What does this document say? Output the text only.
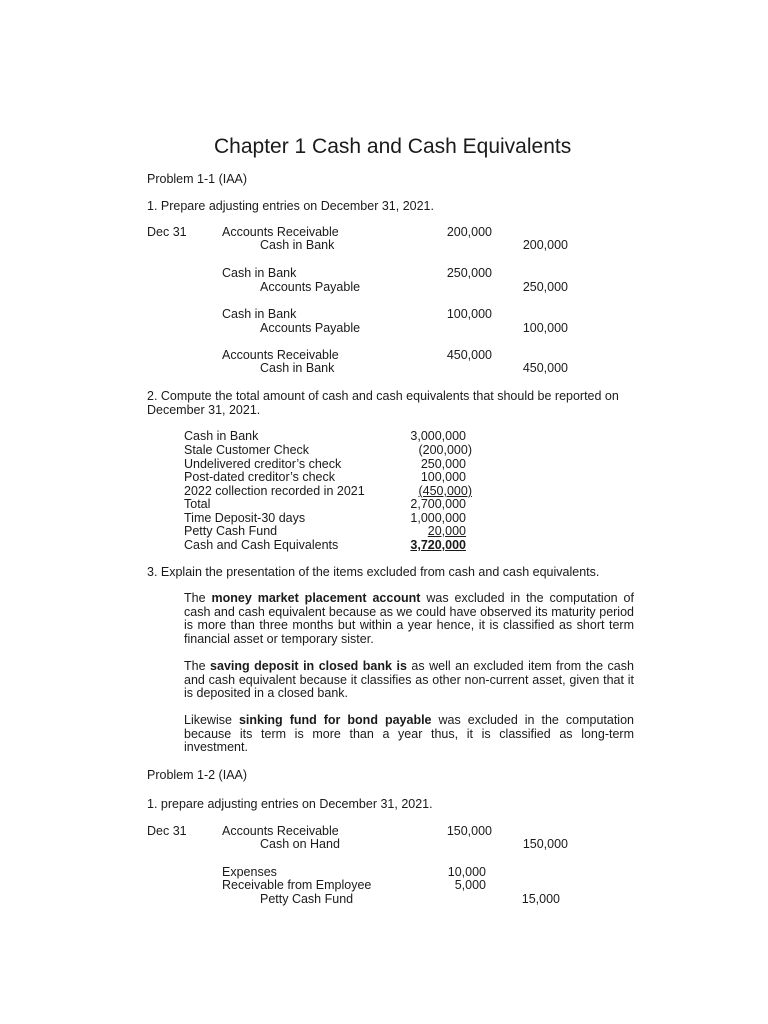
Chapter 1 Cash and Cash Equivalents
Problem 1-1 (IAA)
1. Prepare adjusting entries on December 31, 2021.
Dec 31	Accounts Receivable	200,000
Cash in Bank	200,000
Cash in Bank	250,000
Accounts Payable	250,000
Cash in Bank	100,000
Accounts Payable	100,000
Accounts Receivable	450,000
Cash in Bank	450,000
2. Compute the total amount of cash and cash equivalents that should be reported on
December 31, 2021.
Cash in Bank	3,000,000
Stale Customer Check	(200,000)
Undelivered creditor’s check	250,000
Post-dated creditor’s check	100,000
2022 collection recorded in 2021	(450,000)
Total	2,700,000
Time Deposit-30 days	1,000,000
Petty Cash Fund	20,000
Cash and Cash Equivalents	3,720,000
3. Explain the presentation of the items excluded from cash and cash equivalents.
The money market placement account was excluded in the computation of cash and cash equivalent because as we could have observed its maturity period is more than three months but within a year hence, it is classified as short term financial asset or temporary sister.
The saving deposit in closed bank is as well an excluded item from the cash and cash equivalent because it classifies as other non-current asset, given that it is deposited in a closed bank.
Likewise sinking fund for bond payable was excluded in the computation because its term is more than a year thus, it is classified as long-term investment.
Problem 1-2 (IAA)
1. prepare adjusting entries on December 31, 2021.
Dec 31	Accounts Receivable	150,000
Cash on Hand	150,000
Expenses	10,000
Receivable from Employee	5,000
Petty Cash Fund	15,000
